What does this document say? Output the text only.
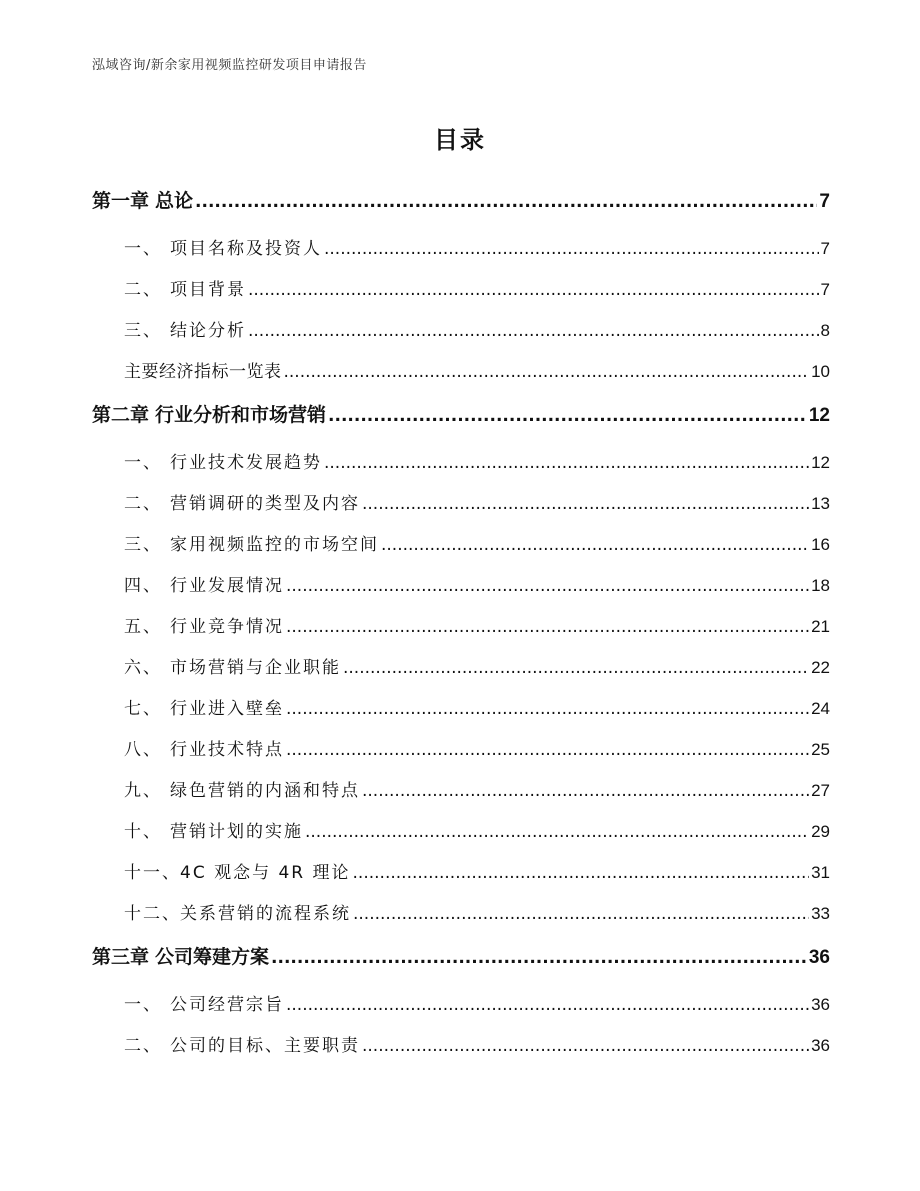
泓域咨询/新余家用视频监控研发项目申请报告
目录
第一章 总论 .....	7
一、 项目名称及投资人 .....	7
二、 项目背景 .....	7
三、 结论分析 .....	8
主要经济指标一览表 .....	10
第二章 行业分析和市场营销 .....	12
一、 行业技术发展趋势 .....	12
二、 营销调研的类型及内容 .....	13
三、 家用视频监控的市场空间 .....	16
四、 行业发展情况 .....	18
五、 行业竞争情况 .....	21
六、 市场营销与企业职能 .....	22
七、 行业进入壁垒 .....	24
八、 行业技术特点 .....	25
九、 绿色营销的内涵和特点 .....	27
十、 营销计划的实施 .....	29
十一、 4C 观念与 4R 理论 .....	31
十二、 关系营销的流程系统 .....	33
第三章 公司筹建方案 .....	36
一、 公司经营宗旨 .....	36
二、 公司的目标、主要职责 .....	36
